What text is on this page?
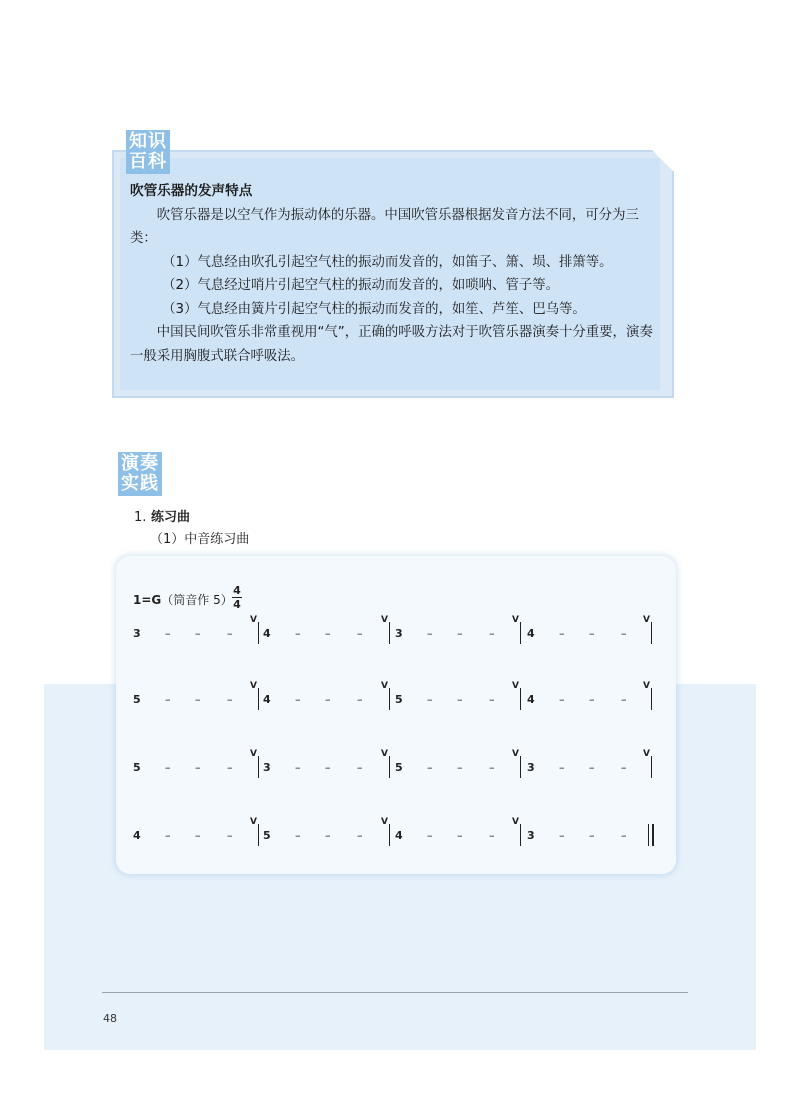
知识百科

吹管乐器的发声特点

吹管乐器是以空气作为振动体的乐器。中国吹管乐器根据发音方法不同，可分为三类：

（1）气息经由吹孔引起空气柱的振动而发音的，如笛子、箫、埙、排箫等。

（2）气息经过哨片引起空气柱的振动而发音的，如唢呐、管子等。

（3）气息经由簧片引起空气柱的振动而发音的，如笙、芦笙、巴乌等。

中国民间吹管乐非常重视用“气”，正确的呼吸方法对于吹管乐器演奏十分重要，演奏一般采用胸腹式联合呼吸法。

演奏实践
1. 练习曲
（1）中音练习曲
1=G（筒音作 5）
4
4
3 – – –
V
4 – – –
V
3 – – –
V
4 – – –
V
5 – – –
V
4 – – –
V
5 – – –
V
4 – – –
V
5 – – –
V
3 – – –
V
5 – – –
V
3 – – –
V
4 – – –
V
5 – – –
V
4 – – –
V
3 – – –
48
